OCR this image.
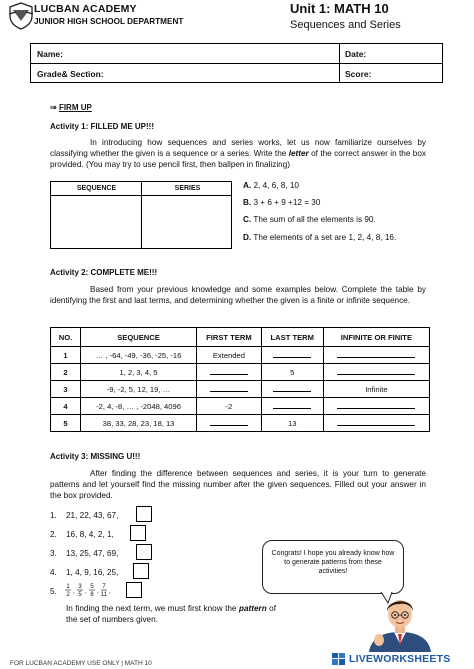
LUCBAN ACADEMY
JUNIOR HIGH SCHOOL DEPARTMENT
Unit 1: MATH 10
Sequences and Series
Name:	Date:
Grade& Section:	Score:
⇒ FIRM UP
Activity 1: FILLED ME UP!!!
In introducing how sequences and series works, let us now familiarize ourselves by classifying whether the given is a sequence or a series. Write the letter of the correct answer in the box provided. (You may try to use pencil first, then ballpen in finalizing)
SEQUENCE	SERIES	A. 2, 4, 6, 8, 10
B. 3 + 6 + 9 +12 = 30
C. The sum of all the elements is 90.
D. The elements of a set are 1, 2, 4, 8, 16.
Activity 2: COMPLETE ME!!!
Based from your previous knowledge and some examples below. Complete the table by identifying the first and last terms, and determining whether the given is a finite or infinite sequence.
NO.	SEQUENCE	FIRST TERM	LAST TERM	INFINITE OR FINITE
1	… , -64, -49, -36, -25, -16	Extended		
2	1, 2, 3, 4, 5		5	
3	-9, -2, 5, 12, 19, …			Infinite
4	-2, 4, -8, … , -2048, 4096	-2		
5	38, 33, 28, 23, 18, 13		13	
Activity 3: MISSING U!!!
After finding the difference between sequences and series, it is your turn to generate patterns and let yourself find the missing number after the given sequences. Filled out your answer in the box provided.
1.	21, 22, 43, 67,
2.	16, 8, 4, 2, 1,
3.	13, 25, 47, 69,
4.	1, 4, 9, 16, 25,
5.	1
2 ,
3
5 ,
5
8 ,
7
11 ,
In finding the next term, we must first know the pattern of the set of numbers given.
Congrats! I hope you already know how to generate patterns from these activities!
FOR LUCBAN ACADEMY USE ONLY | MATH 10	LIVEWORKSHEETS
